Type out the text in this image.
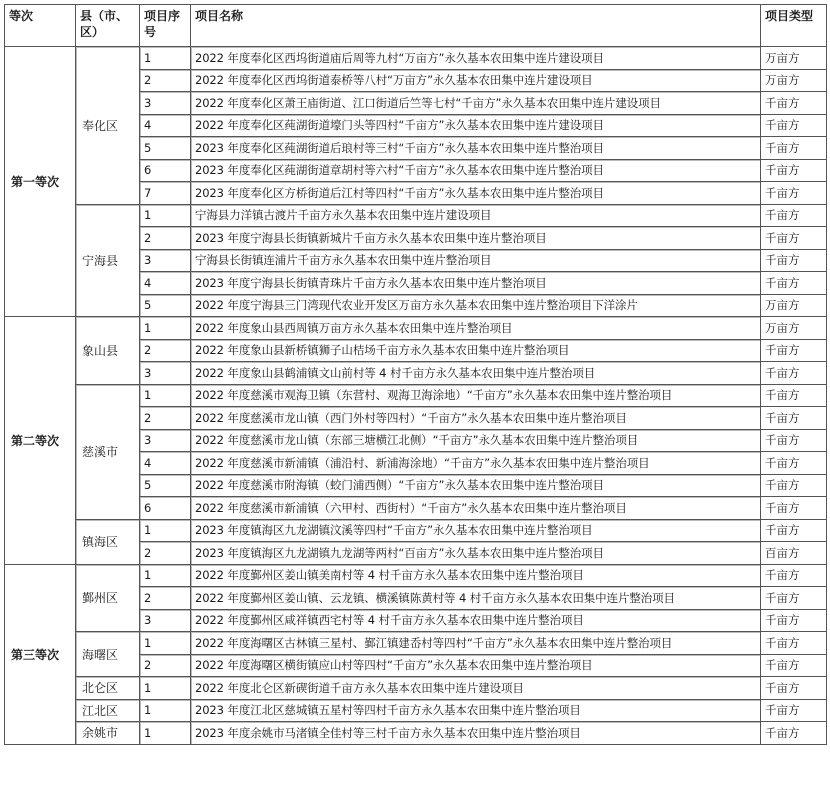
等次	县（市、区）	项目序号	项目名称	项目类型
第一等次	奉化区	1	2022 年度奉化区西坞街道庙后周等九村“万亩方”永久基本农田集中连片建设项目	万亩方
		2	2022 年度奉化区西坞街道泰桥等八村“万亩方”永久基本农田集中连片建设项目	万亩方
		3	2022 年度奉化区萧王庙街道、江口街道后竺等七村“千亩方”永久基本农田集中连片建设项目	千亩方
		4	2022 年度奉化区莼湖街道壕门头等四村“千亩方”永久基本农田集中连片建设项目	千亩方
		5	2023 年度奉化区莼湖街道后琅村等三村“千亩方”永久基本农田集中连片整治项目	千亩方
		6	2023 年度奉化区莼湖街道章胡村等六村“千亩方”永久基本农田集中连片整治项目	千亩方
		7	2023 年度奉化区方桥街道后江村等四村“千亩方”永久基本农田集中连片整治项目	千亩方
	宁海县	1	宁海县力洋镇古渡片千亩方永久基本农田集中连片建设项目	千亩方
		2	2023 年度宁海县长街镇新城片千亩方永久基本农田集中连片整治项目	千亩方
		3	宁海县长街镇连浦片千亩方永久基本农田集中连片整治项目	千亩方
		4	2023 年度宁海县长街镇青珠片千亩方永久基本农田集中连片整治项目	千亩方
		5	2022 年度宁海县三门湾现代农业开发区万亩方永久基本农田集中连片整治项目下洋涂片	万亩方
第二等次	象山县	1	2022 年度象山县西周镇万亩方永久基本农田集中连片整治项目	万亩方
		2	2022 年度象山县新桥镇狮子山桔场千亩方永久基本农田集中连片整治项目	千亩方
		3	2022 年度象山县鹤浦镇文山前村等 4 村千亩方永久基本农田集中连片整治项目	千亩方
	慈溪市	1	2022 年度慈溪市观海卫镇（东营村、观海卫海涂地）“千亩方”永久基本农田集中连片整治项目	千亩方
		2	2022 年度慈溪市龙山镇（西门外村等四村）“千亩方”永久基本农田集中连片整治项目	千亩方
		3	2022 年度慈溪市龙山镇（东部三塘横江北侧）“千亩方”永久基本农田集中连片整治项目	千亩方
		4	2022 年度慈溪市新浦镇（浦沿村、新浦海涂地）“千亩方”永久基本农田集中连片整治项目	千亩方
		5	2022 年度慈溪市附海镇（蛟门浦西侧）“千亩方”永久基本农田集中连片整治项目	千亩方
		6	2022 年度慈溪市新浦镇（六甲村、西街村）“千亩方”永久基本农田集中连片整治项目	千亩方
	镇海区	1	2023 年度镇海区九龙湖镇汶溪等四村“千亩方”永久基本农田集中连片整治项目	千亩方
		2	2023 年度镇海区九龙湖镇九龙湖等两村“百亩方”永久基本农田集中连片整治项目	百亩方
第三等次	鄞州区	1	2022 年度鄞州区姜山镇美南村等 4 村千亩方永久基本农田集中连片整治项目	千亩方
		2	2022 年度鄞州区姜山镇、云龙镇、横溪镇陈黄村等 4 村千亩方永久基本农田集中连片整治项目	千亩方
		3	2022 年度鄞州区咸祥镇西宅村等 4 村千亩方永久基本农田集中连片整治项目	千亩方
	海曙区	1	2022 年度海曙区古林镇三星村、鄞江镇建岙村等四村“千亩方”永久基本农田集中连片整治项目	千亩方
		2	2022 年度海曙区横街镇应山村等四村“千亩方”永久基本农田集中连片整治项目	千亩方
	北仑区	1	2022 年度北仑区新碶街道千亩方永久基本农田集中连片建设项目	千亩方
	江北区	1	2023 年度江北区慈城镇五星村等四村千亩方永久基本农田集中连片整治项目	千亩方
	余姚市	1	2023 年度余姚市马渚镇全佳村等三村千亩方永久基本农田集中连片整治项目	千亩方
